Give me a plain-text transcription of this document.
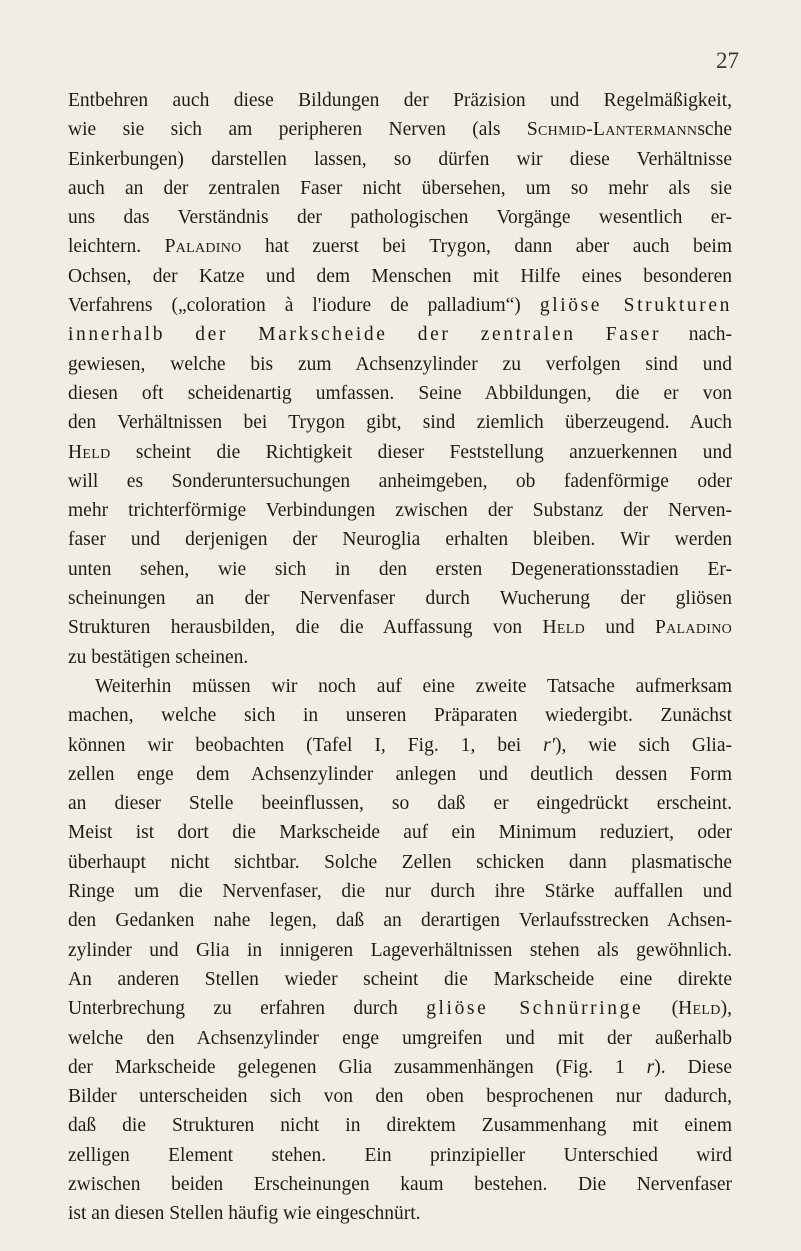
27
Entbehren auch diese Bildungen der Präzision und Regelmäßigkeit,
wie sie sich am peripheren Nerven (als Schmid-Lantermannsche
Einkerbungen) darstellen lassen, so dürfen wir diese Verhältnisse
auch an der zentralen Faser nicht übersehen, um so mehr als sie
uns das Verständnis der pathologischen Vorgänge wesentlich er-
leichtern. Paladino hat zuerst bei Trygon, dann aber auch beim
Ochsen, der Katze und dem Menschen mit Hilfe eines besonderen
Verfahrens („coloration à l'iodure de palladium“) gliöse Strukturen
innerhalb der Markscheide der zentralen Faser nach-
gewiesen, welche bis zum Achsenzylinder zu verfolgen sind und
diesen oft scheidenartig umfassen. Seine Abbildungen, die er von
den Verhältnissen bei Trygon gibt, sind ziemlich überzeugend. Auch
Held scheint die Richtigkeit dieser Feststellung anzuerkennen und
will es Sonderuntersuchungen anheimgeben, ob fadenförmige oder
mehr trichterförmige Verbindungen zwischen der Substanz der Nerven-
faser und derjenigen der Neuroglia erhalten bleiben. Wir werden
unten sehen, wie sich in den ersten Degenerationsstadien Er-
scheinungen an der Nervenfaser durch Wucherung der gliösen
Strukturen herausbilden, die die Auffassung von Held und Paladino
zu bestätigen scheinen.
Weiterhin müssen wir noch auf eine zweite Tatsache aufmerksam
machen, welche sich in unseren Präparaten wiedergibt. Zunächst
können wir beobachten (Tafel I, Fig. 1, bei r′), wie sich Glia-
zellen enge dem Achsenzylinder anlegen und deutlich dessen Form
an dieser Stelle beeinflussen, so daß er eingedrückt erscheint.
Meist ist dort die Markscheide auf ein Minimum reduziert, oder
überhaupt nicht sichtbar. Solche Zellen schicken dann plasmatische
Ringe um die Nervenfaser, die nur durch ihre Stärke auffallen und
den Gedanken nahe legen, daß an derartigen Verlaufsstrecken Achsen-
zylinder und Glia in innigeren Lageverhältnissen stehen als gewöhnlich.
An anderen Stellen wieder scheint die Markscheide eine direkte
Unterbrechung zu erfahren durch gliöse Schnürringe (Held),
welche den Achsenzylinder enge umgreifen und mit der außerhalb
der Markscheide gelegenen Glia zusammenhängen (Fig. 1 r). Diese
Bilder unterscheiden sich von den oben besprochenen nur dadurch,
daß die Strukturen nicht in direktem Zusammenhang mit einem
zelligen Element stehen. Ein prinzipieller Unterschied wird
zwischen beiden Erscheinungen kaum bestehen. Die Nervenfaser
ist an diesen Stellen häufig wie eingeschnürt.
